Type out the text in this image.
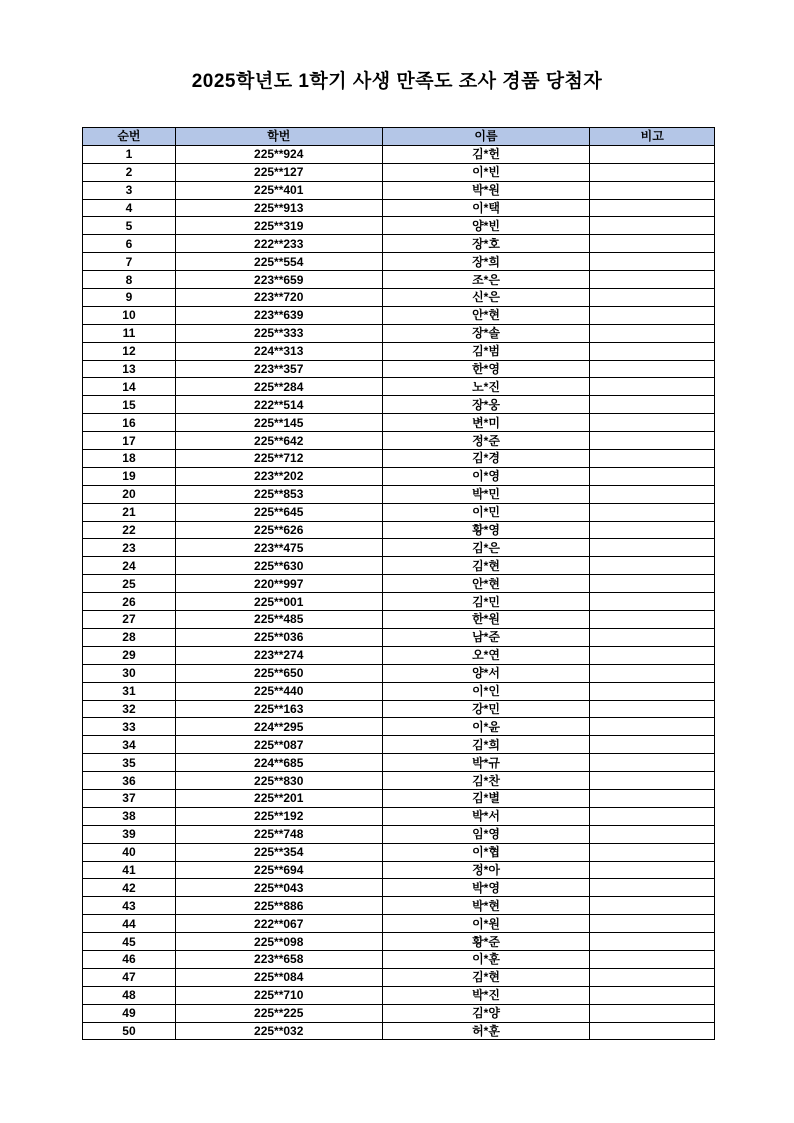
2025학년도 1학기 사생 만족도 조사 경품 당첨자
순번	학번	이름	비고
1	225**924	김*헌	
2	225**127	이*빈	
3	225**401	박*원	
4	225**913	이*택	
5	225**319	양*빈	
6	222**233	장*호	
7	225**554	장*희	
8	223**659	조*은	
9	223**720	신*은	
10	223**639	안*현	
11	225**333	장*솔	
12	224**313	김*범	
13	223**357	한*영	
14	225**284	노*진	
15	222**514	장*웅	
16	225**145	변*미	
17	225**642	정*준	
18	225**712	김*경	
19	223**202	이*영	
20	225**853	박*민	
21	225**645	이*민	
22	225**626	황*영	
23	223**475	김*은	
24	225**630	김*현	
25	220**997	안*현	
26	225**001	김*민	
27	225**485	한*원	
28	225**036	남*준	
29	223**274	오*연	
30	225**650	양*서	
31	225**440	이*인	
32	225**163	강*민	
33	224**295	이*윤	
34	225**087	김*희	
35	224**685	박*규	
36	225**830	김*찬	
37	225**201	김*별	
38	225**192	박*서	
39	225**748	임*영	
40	225**354	이*협	
41	225**694	정*아	
42	225**043	박*영	
43	225**886	박*현	
44	222**067	이*원	
45	225**098	황*준	
46	223**658	이*훈	
47	225**084	김*현	
48	225**710	박*진	
49	225**225	김*양	
50	225**032	허*훈	
